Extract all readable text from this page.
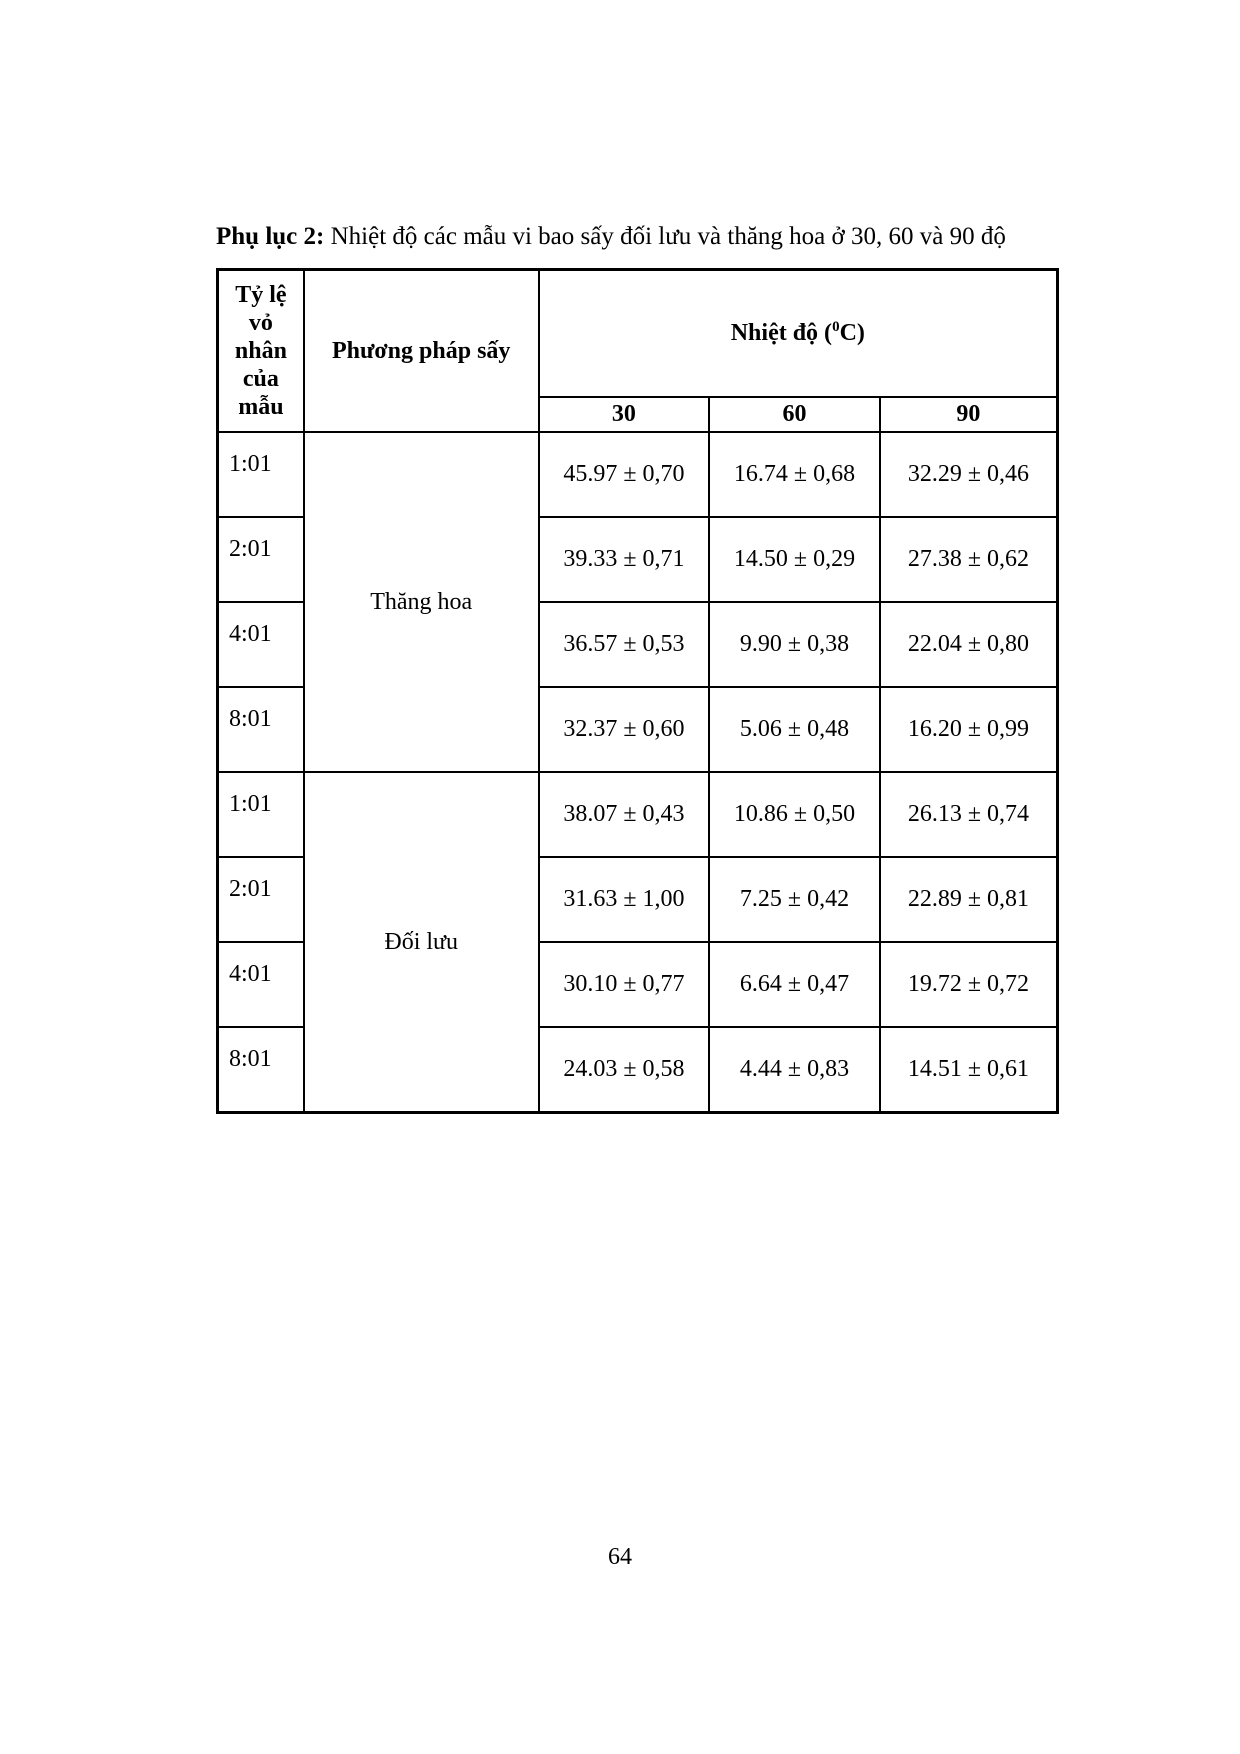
Phụ lục 2: Nhiệt độ các mẫu vi bao sấy đối lưu và thăng hoa ở 30, 60 và 90 độ
Tỷ lệ
vỏ
nhân
của
mẫu	Phương pháp sấy	Nhiệt độ ($^0$C)		
		30	60	90
1:01	Thăng hoa	45.97 ± 0,70	16.74 ± 0,68	32.29 ± 0,46
2:01		39.33 ± 0,71	14.50 ± 0,29	27.38 ± 0,62
4:01		36.57 ± 0,53	9.90 ± 0,38	22.04 ± 0,80
8:01		32.37 ± 0,60	5.06 ± 0,48	16.20 ± 0,99
1:01	Đối lưu	38.07 ± 0,43	10.86 ± 0,50	26.13 ± 0,74
2:01		31.63 ± 1,00	7.25 ± 0,42	22.89 ± 0,81
4:01		30.10 ± 0,77	6.64 ± 0,47	19.72 ± 0,72
8:01		24.03 ± 0,58	4.44 ± 0,83	14.51 ± 0,61
64
